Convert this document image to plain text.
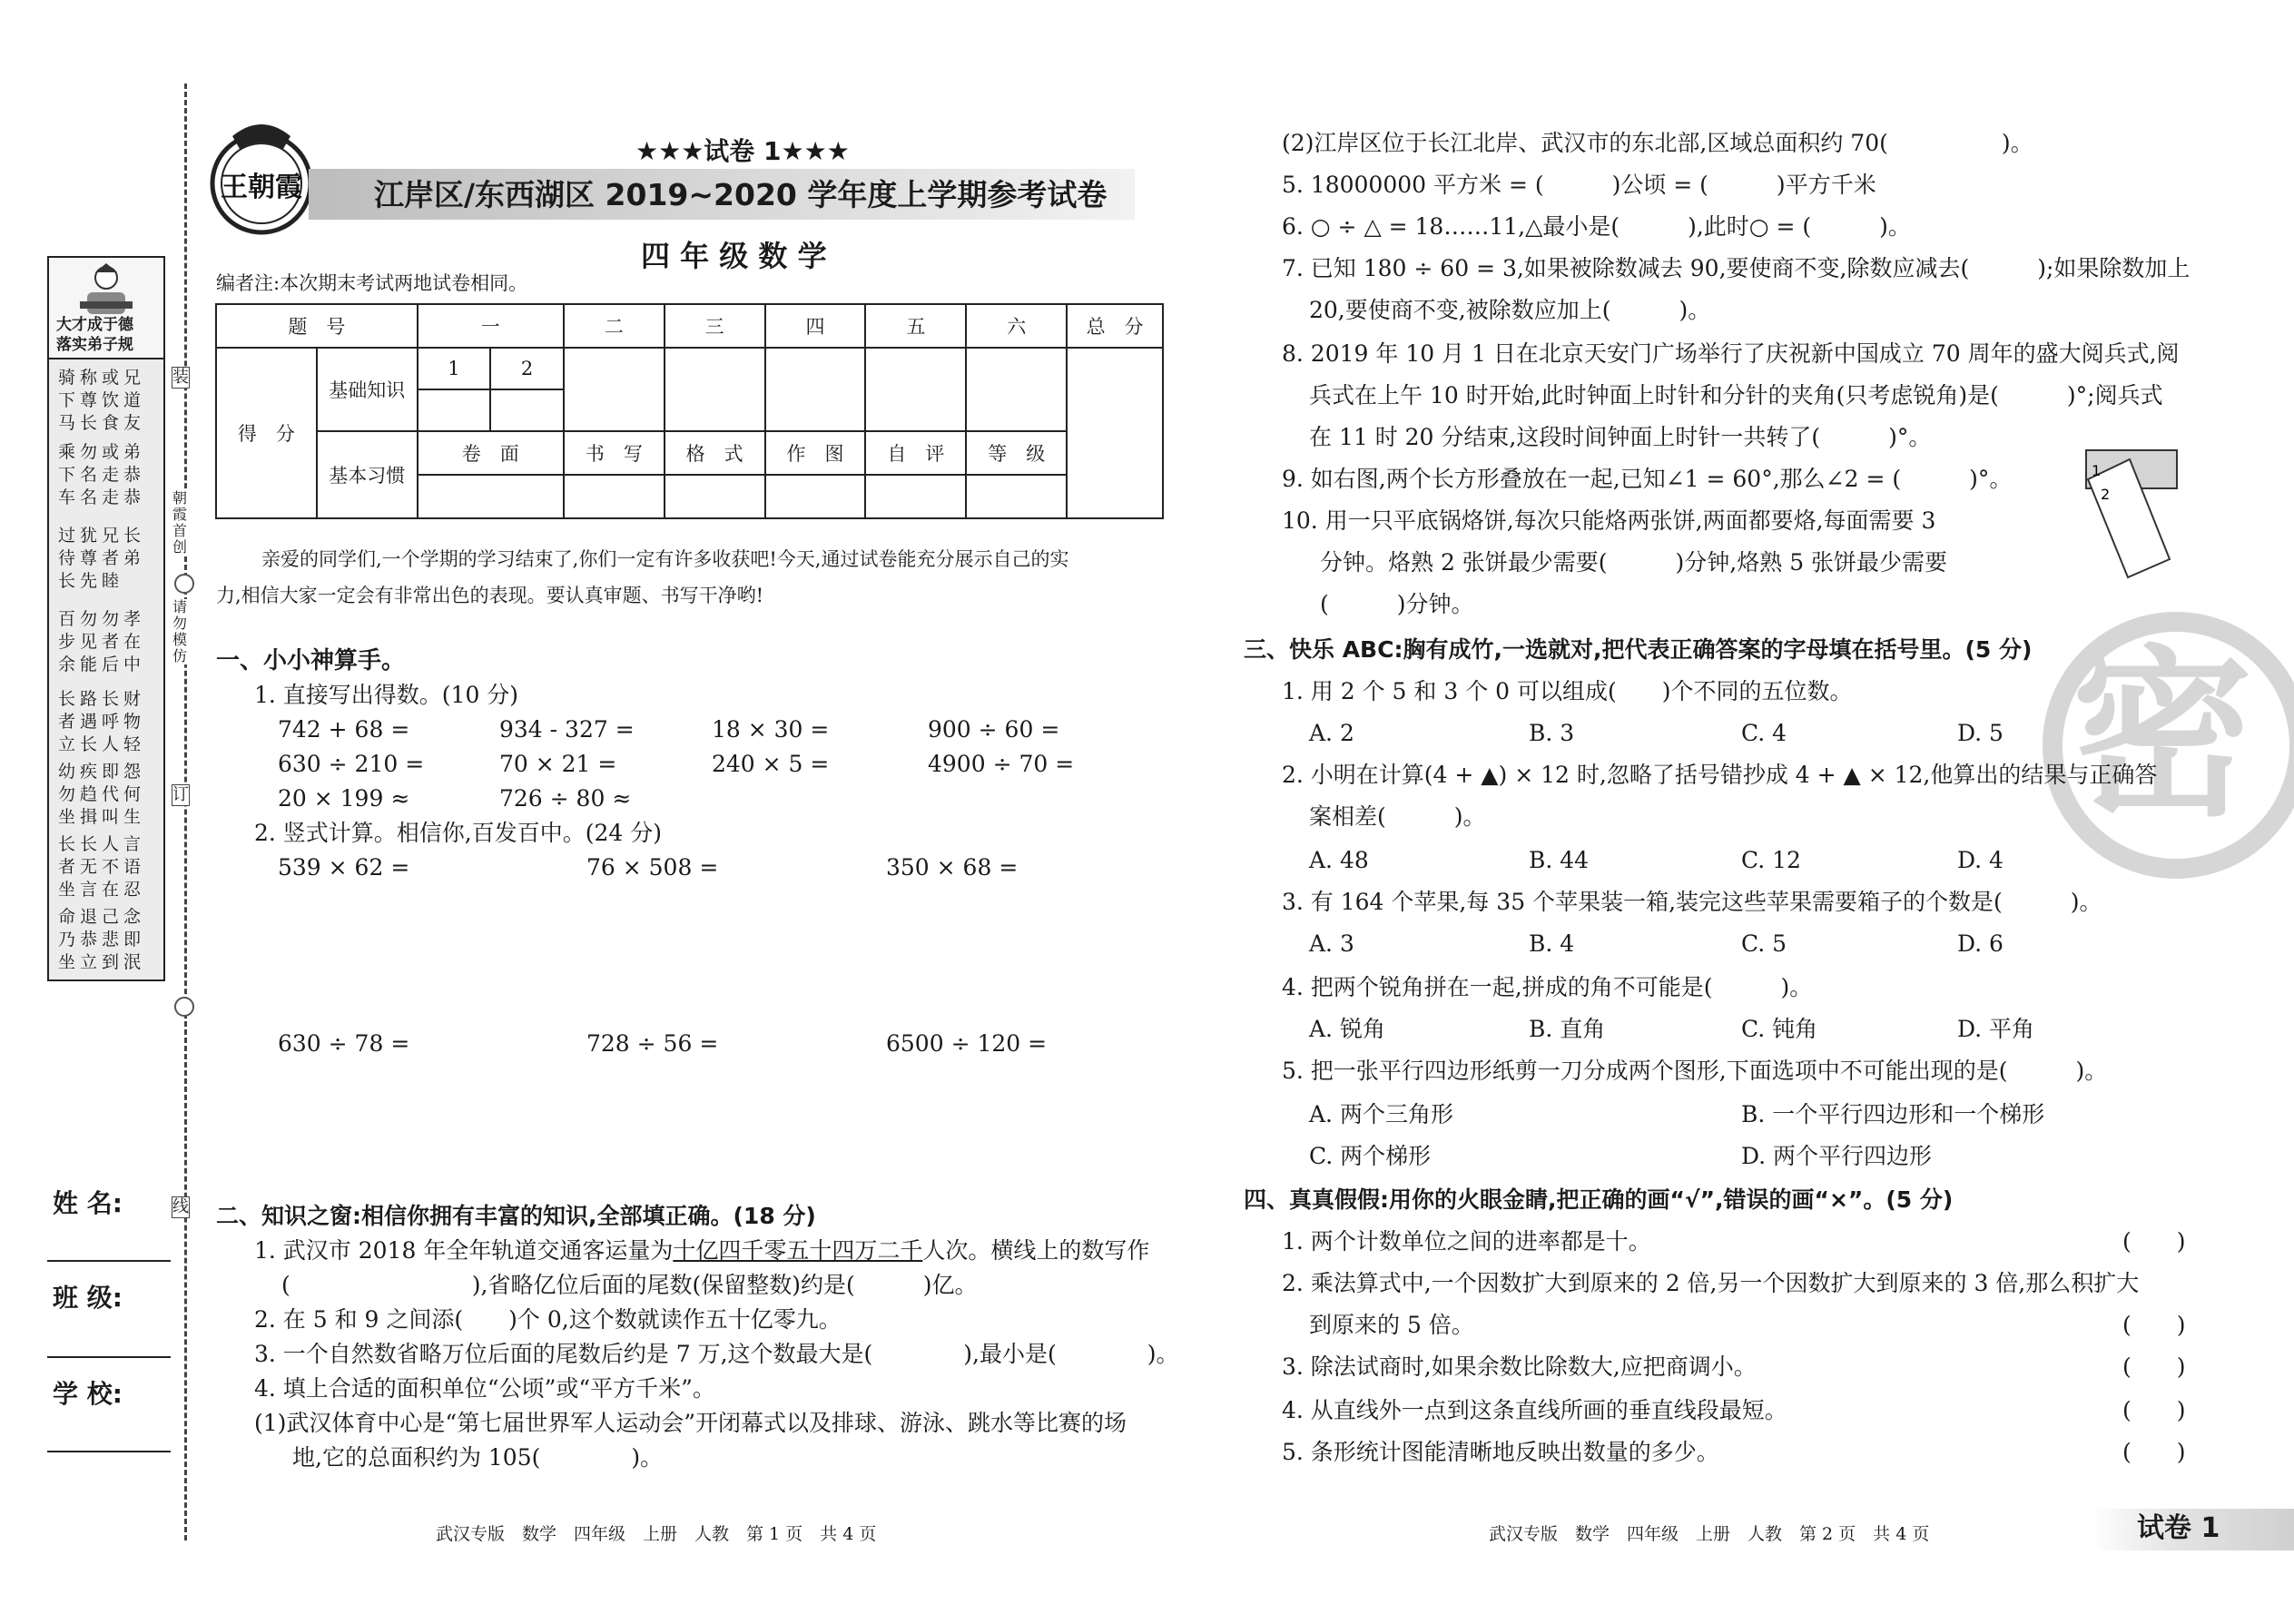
大才成于德
落实弟子规
骑称或兄下尊饮道马长食友
乘勿或弟下名走恭车名走恭
过犹兄长待尊者弟长先睦
百勿勿孝步见者在余能后中
长路长财者遇呼物立长人轻
幼疾即怨勿趋代何坐揖叫生
长长人言者无不语坐言在忍
命退己念乃恭悲即坐立到泯
装
订
线
朝霞首创
请勿模仿
姓 名:
班 级:
学 校:
王朝霞
★★★试卷 1★★★
江岸区/东西湖区 2019~2020 学年度上学期参考试卷
四 年 级 数 学
编者注:本次期末考试两地试卷相同。
题　号		一		二	三	四	五	六	总　分
得　分	基础知识	1	2						

	基本习惯	卷　面		书　写	格　式	作　图	自　评	等　级	

亲爱的同学们,一个学期的学习结束了,你们一定有许多收获吧!今天,通过试卷能充分展示自己的实
力,相信大家一定会有非常出色的表现。要认真审题、书写干净哟!
一、小小神算手。
1. 直接写出得数。(10 分)
742 + 68 =	934 - 327 =	18 × 30 =	900 ÷ 60 =
630 ÷ 210 =	70 × 21 =	240 × 5 =	4900 ÷ 70 =
20 × 199 ≈	726 ÷ 80 ≈
2. 竖式计算。相信你,百发百中。(24 分)
539 × 62 =	76 × 508 =	350 × 68 =
630 ÷ 78 =	728 ÷ 56 =	6500 ÷ 120 =
二、知识之窗:相信你拥有丰富的知识,全部填正确。(18 分)
1. 武汉市 2018 年全年轨道交通客运量为十亿四千零五十四万二千人次。横线上的数写作
(　　　　　　　　),省略亿位后面的尾数(保留整数)约是(　　　)亿。
2. 在 5 和 9 之间添(　　)个 0,这个数就读作五十亿零九。
3. 一个自然数省略万位后面的尾数后约是 7 万,这个数最大是(　　　　),最小是(　　　　)。
4. 填上合适的面积单位“公顷”或“平方千米”。
(1)武汉体育中心是“第七届世界军人运动会”开闭幕式以及排球、游泳、跳水等比赛的场
地,它的总面积约为 105(　　　　)。
武汉专版　数学　四年级　上册　人教　第 1 页　共 4 页
(2)江岸区位于长江北岸、武汉市的东北部,区域总面积约 70(　　　　　)。
5. 18000000 平方米 = (　　　)公顷 = (　　　)平方千米
6. ○ ÷ △ = 18……11,△最小是(　　　),此时○ = (　　　)。
7. 已知 180 ÷ 60 = 3,如果被除数减去 90,要使商不变,除数应减去(　　　);如果除数加上
20,要使商不变,被除数应加上(　　　)。
8. 2019 年 10 月 1 日在北京天安门广场举行了庆祝新中国成立 70 周年的盛大阅兵式,阅
兵式在上午 10 时开始,此时钟面上时针和分针的夹角(只考虑锐角)是(　　　)°;阅兵式
在 11 时 20 分结束,这段时间钟面上时针一共转了(　　　)°。
9. 如右图,两个长方形叠放在一起,已知∠1 = 60°,那么∠2 = (　　　)°。
10. 用一只平底锅烙饼,每次只能烙两张饼,两面都要烙,每面需要 3
分钟。烙熟 2 张饼最少需要(　　　)分钟,烙熟 5 张饼最少需要
(　　　)分钟。
1
2
密
三、快乐 ABC:胸有成竹,一选就对,把代表正确答案的字母填在括号里。(5 分)
1. 用 2 个 5 和 3 个 0 可以组成(　　)个不同的五位数。
A. 2	B. 3	C. 4	D. 5
2. 小明在计算(4 + ▲) × 12 时,忽略了括号错抄成 4 + ▲ × 12,他算出的结果与正确答
案相差(　　　)。
A. 48	B. 44	C. 12	D. 4
3. 有 164 个苹果,每 35 个苹果装一箱,装完这些苹果需要箱子的个数是(　　　)。
A. 3	B. 4	C. 5	D. 6
4. 把两个锐角拼在一起,拼成的角不可能是(　　　)。
A. 锐角	B. 直角	C. 钝角	D. 平角
5. 把一张平行四边形纸剪一刀分成两个图形,下面选项中不可能出现的是(　　　)。
A. 两个三角形	B. 一个平行四边形和一个梯形
C. 两个梯形	D. 两个平行四边形
四、真真假假:用你的火眼金睛,把正确的画“√”,错误的画“×”。(5 分)
1. 两个计数单位之间的进率都是十。	(　　)
2. 乘法算式中,一个因数扩大到原来的 2 倍,另一个因数扩大到原来的 3 倍,那么积扩大
到原来的 5 倍。	(　　)
3. 除法试商时,如果余数比除数大,应把商调小。	(　　)
4. 从直线外一点到这条直线所画的垂直线段最短。	(　　)
5. 条形统计图能清晰地反映出数量的多少。	(　　)
武汉专版　数学　四年级　上册　人教　第 2 页　共 4 页	试卷 1
